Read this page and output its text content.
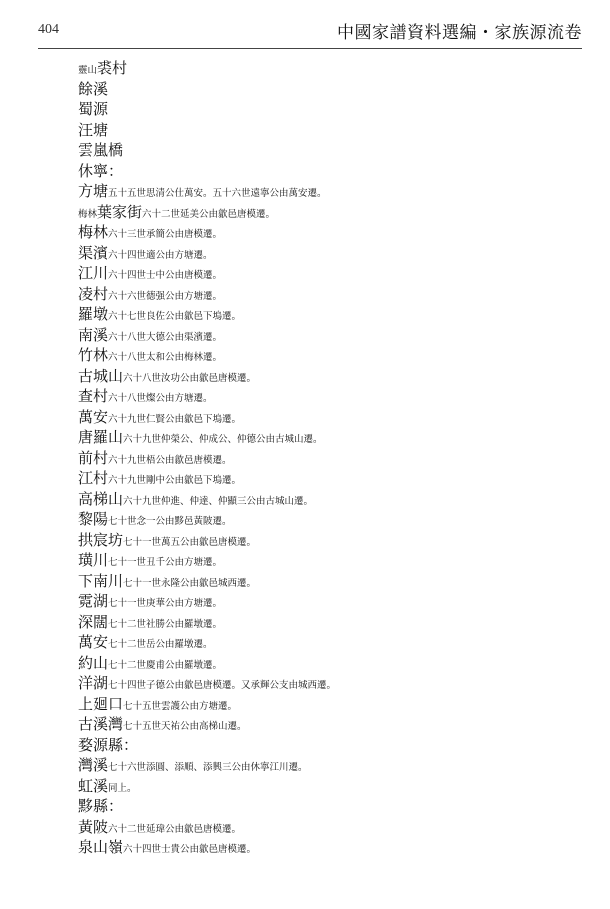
404	中國家譜資料選編・家族源流卷
靈山裘村
餘溪
蜀源
汪塘
雲嵐橋
休寧：
方塘五十五世思清公仕萬安。五十六世遠寧公由萬安遷。
梅林葉家街六十二世延美公由歙邑唐模遷。
梅林六十三世承簡公由唐模遷。
渠濱六十四世適公由方塘遷。
江川六十四世士中公由唐模遷。
凌村六十六世德强公由方塘遷。
羅墩六十七世良佐公由歙邑下塢遷。
南溪六十八世大德公由渠濱遷。
竹林六十八世太和公由梅林遷。
古城山六十八世汝功公由歙邑唐模遷。
查村六十八世燦公由方塘遷。
萬安六十九世仁賢公由歙邑下塢遷。
唐羅山六十九世仲榮公、仲成公、仲德公由古城山遷。
前村六十九世梧公由歙邑唐模遷。
江村六十九世剛中公由歙邑下塢遷。
高梯山六十九世仲進、仲達、仲顯三公由古城山遷。
黎陽七十世念一公由黟邑黃陂遷。
拱宸坊七十一世萬五公由歙邑唐模遷。
璜川七十一世丑千公由方塘遷。
下南川七十一世永隆公由歙邑城西遷。
霓湖七十一世庚華公由方塘遷。
深闊七十二世社勝公由羅墩遷。
萬安七十二世岳公由羅墩遷。
約山七十二世慶甫公由羅墩遷。
洋湖七十四世子德公由歙邑唐模遷。又承輝公支由城西遷。
上廻口七十五世雲護公由方塘遷。
古溪灣七十五世天祐公由高梯山遷。
婺源縣：
灣溪七十六世添圓、添順、添興三公由休寧江川遷。
虹溪同上。
黟縣：
黃陂六十二世延瑋公由歙邑唐模遷。
泉山嶺六十四世士貴公由歙邑唐模遷。
